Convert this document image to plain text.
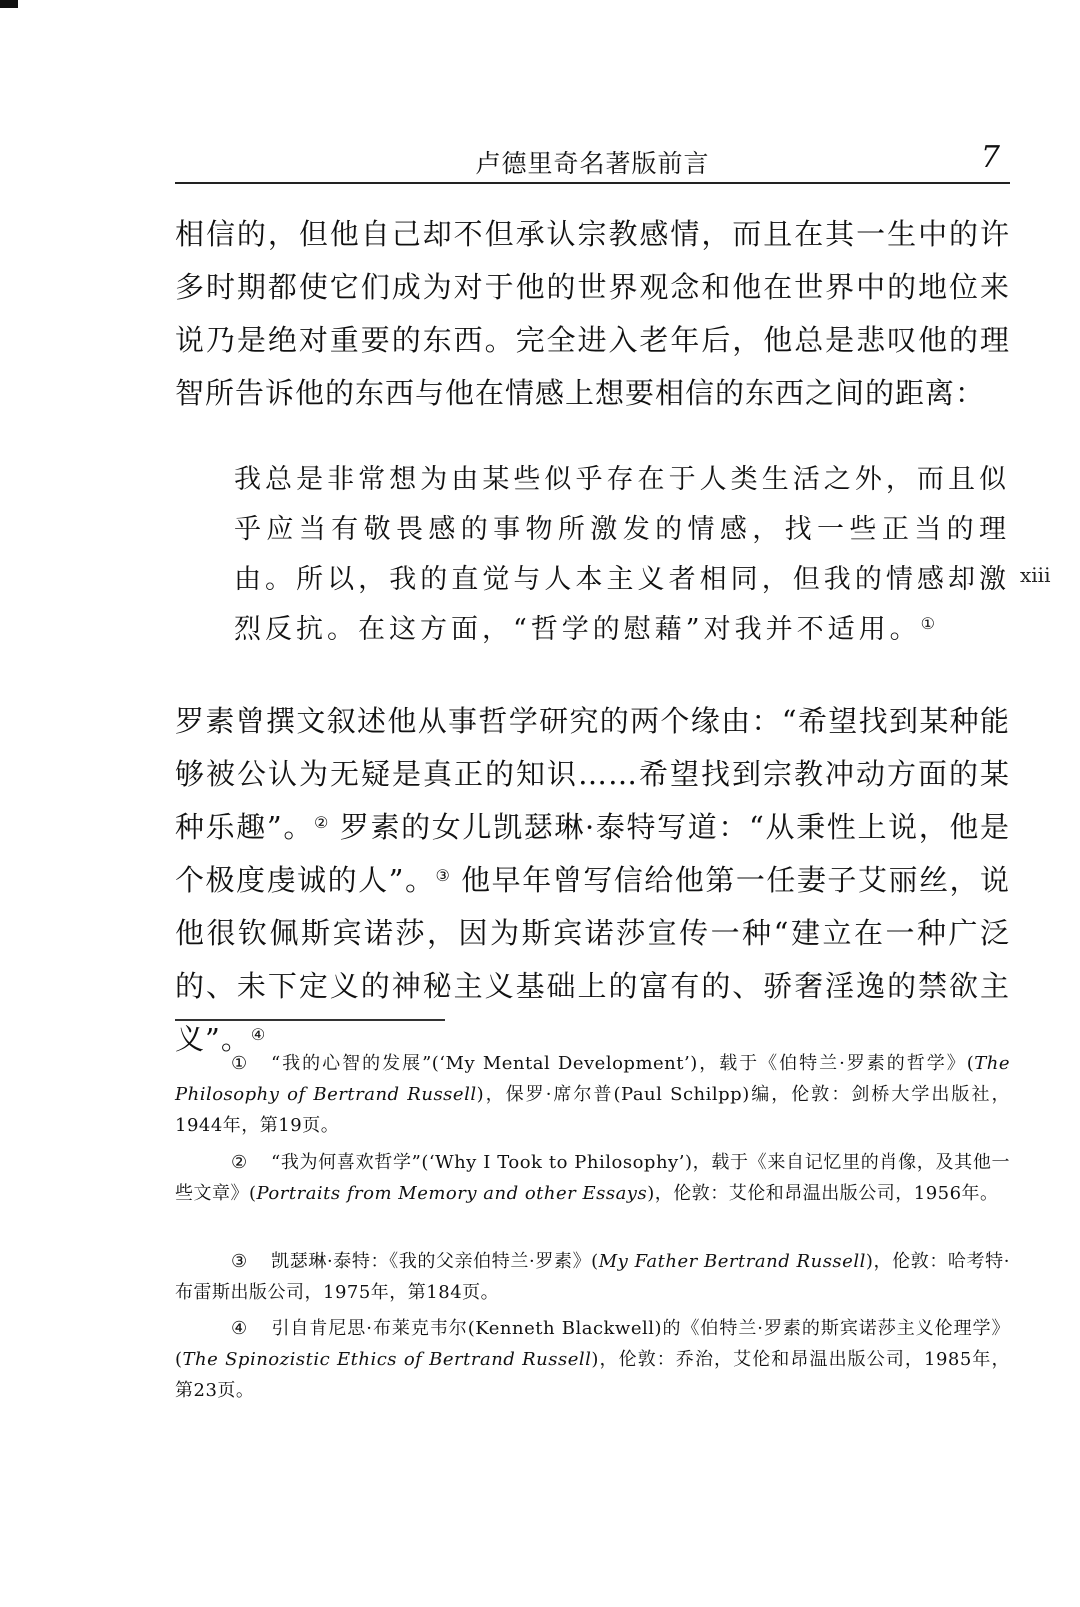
卢德里奇名著版前言	7

相信的，但他自己却不但承认宗教感情，而且在其一生中的许多时期都使它们成为对于他的世界观念和他在世界中的地位来说乃是绝对重要的东西。完全进入老年后，他总是悲叹他的理智所告诉他的东西与他在情感上想要相信的东西之间的距离：

我总是非常想为由某些似乎存在于人类生活之外，而且似乎应当有敬畏感的事物所激发的情感，找一些正当的理由。所以，我的直觉与人本主义者相同，但我的情感却激烈反抗。在这方面，“哲学的慰藉”对我并不适用。①

xiii

罗素曾撰文叙述他从事哲学研究的两个缘由：“希望找到某种能够被公认为无疑是真正的知识……希望找到宗教冲动方面的某种乐趣”。② 罗素的女儿凯瑟琳·泰特写道：“从秉性上说，他是个极度虔诚的人”。③ 他早年曾写信给他第一任妻子艾丽丝，说他很钦佩斯宾诺莎，因为斯宾诺莎宣传一种“建立在一种广泛的、未下定义的神秘主义基础上的富有的、骄奢淫逸的禁欲主义”。④

① “我的心智的发展”(‘My Mental Development’)，载于《伯特兰·罗素的哲学》(The Philosophy of Bertrand Russell)，保罗·席尔普(Paul Schilpp)编，伦敦：剑桥大学出版社，1944年，第19页。

② “我为何喜欢哲学”(‘Why I Took to Philosophy’)，载于《来自记忆里的肖像，及其他一些文章》(Portraits from Memory and other Essays)，伦敦：艾伦和昂温出版公司，1956年。

③ 凯瑟琳·泰特：《我的父亲伯特兰·罗素》(My Father Bertrand Russell)，伦敦：哈考特·布雷斯出版公司，1975年，第184页。

④ 引自肯尼思·布莱克韦尔(Kenneth Blackwell)的《伯特兰·罗素的斯宾诺莎主义伦理学》(The Spinozistic Ethics of Bertrand Russell)，伦敦：乔治，艾伦和昂温出版公司，1985年，第23页。
